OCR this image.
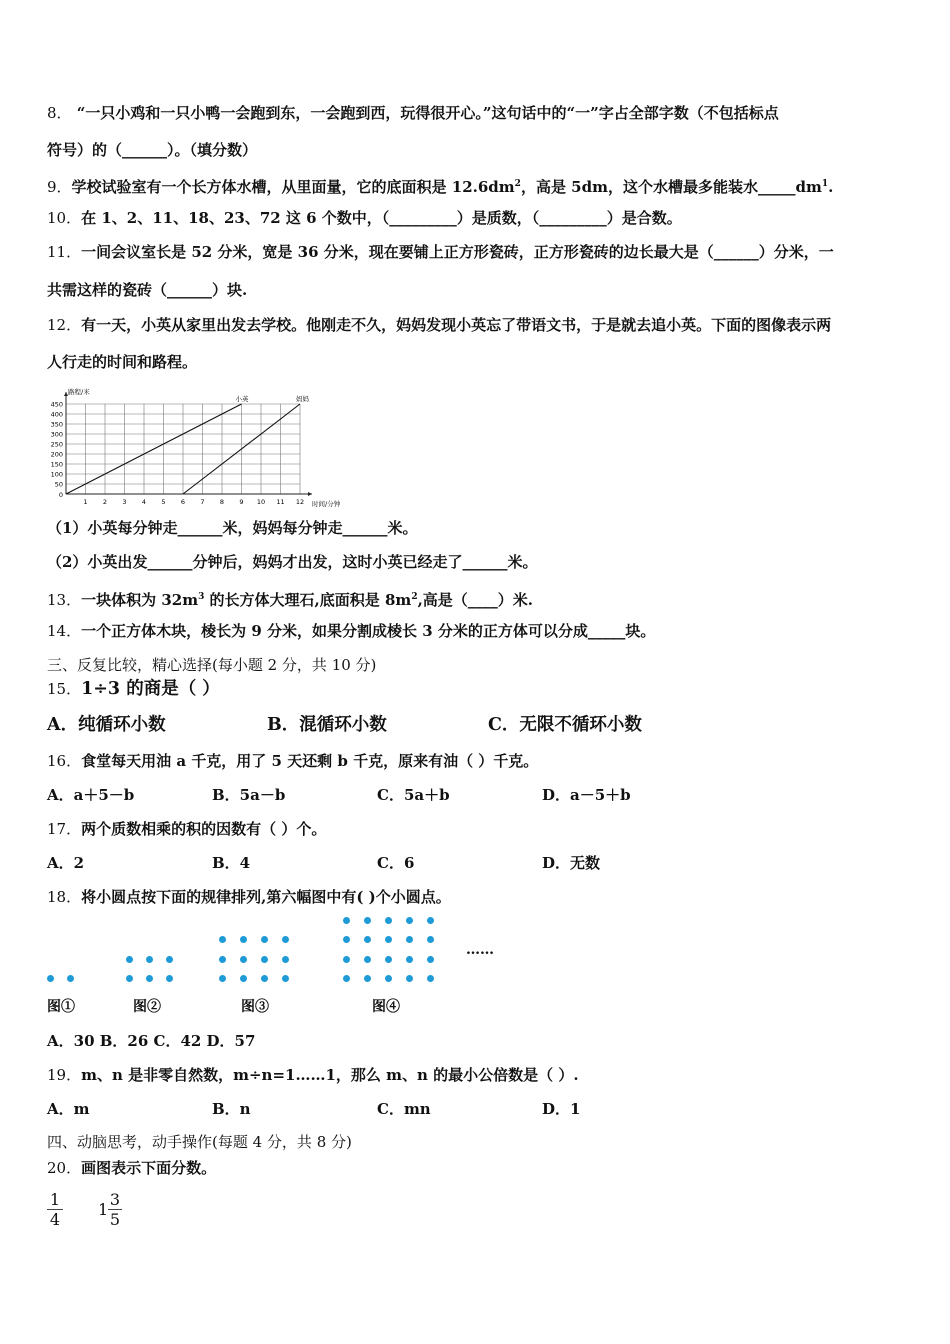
8． “一只小鸡和一只小鸭一会跑到东，一会跑到西，玩得很开心。”这句话中的“一”字占全部字数（不包括标点
符号）的（______）。（填分数）
9．学校试验室有一个长方体水槽，从里面量，它的底面积是 $12.6dm^2$，高是 5dm，这个水槽最多能装水$\_\_\_\_\_dm^1$.
10．在 1、2、11、18、23、72 这 6 个数中，（_________）是质数，（_________）是合数。
11．一间会议室长是 52 分米，宽是 36 分米，现在要铺上正方形瓷砖，正方形瓷砖的边长最大是（______）分米，一
共需这样的瓷砖（______）块.
12．有一天，小英从家里出发去学校。他刚走不久，妈妈发现小英忘了带语文书，于是就去追小英。下面的图像表示两
人行走的时间和路程。
1 2 3 4 5 6 7 8 9 10 11 12
50
100
150
200
250
300
350
400
450
0
路程/米
时间/分钟
小英	妈妈
（1）小英每分钟走______米，妈妈每分钟走______米。
（2）小英出发______分钟后，妈妈才出发，这时小英已经走了______米。
13．一块体积为 $32m^3$ 的长方体大理石,底面积是 $8m^2$,高是（____）米.
14．一个正方体木块，棱长为 9 分米，如果分割成棱长 3 分米的正方体可以分成_____块。
三、反复比较，精心选择(每小题 2 分，共 10 分)
15．1÷3 的商是（ ）
A．纯循环小数	B．混循环小数	C．无限不循环小数
16．食堂每天用油 a 千克，用了 5 天还剩 b 千克，原来有油（ ）千克。
A．a＋5－b	B．5a－b	C．5a＋b	D．a－5＋b
17．两个质数相乘的积的因数有（ ）个。
A．2	B．4	C．6	D．无数
18．将小圆点按下面的规律排列,第六幅图中有( )个小圆点。
……
图①	图②	图③	图④
A．30 B．26 C．42 D．57
19．m、n 是非零自然数，m÷n=1……1，那么 m、n 的最小公倍数是（ ）.
A．m	B．n	C．mn	D．1
四、动脑思考，动手操作(每题 4 分，共 8 分)
20．画图表示下面分数。
$\frac{1}{4} 1 \frac{3}{5}$
